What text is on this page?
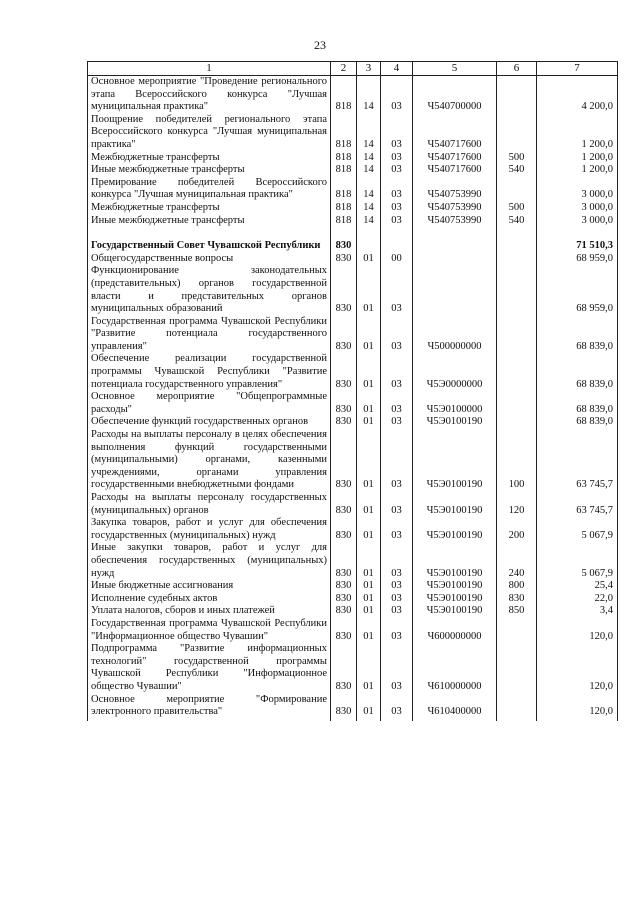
23
1	2	3	4	5	6	7
Основное мероприятие "Проведение регионального этапа Всероссийского конкурса "Лучшая муниципальная практика"	818	14	03	Ч540700000		4 200,0
Поощрение победителей регионального этапа Всероссийского конкурса "Лучшая муниципальная практика"	818	14	03	Ч540717600		1 200,0
Межбюджетные трансферты	818	14	03	Ч540717600	500	1 200,0
Иные межбюджетные трансферты	818	14	03	Ч540717600	540	1 200,0
Премирование победителей Всероссийского конкурса "Лучшая муниципальная практика"	818	14	03	Ч540753990		3 000,0
Межбюджетные трансферты	818	14	03	Ч540753990	500	3 000,0
Иные межбюджетные трансферты	818	14	03	Ч540753990	540	3 000,0

Государственный Совет Чувашской Республики	830					71 510,3
Общегосударственные вопросы	830	01	00			68 959,0
Функционирование законодательных (представительных) органов государственной власти и представительных органов муниципальных образований	830	01	03			68 959,0
Государственная программа Чувашской Республики "Развитие потенциала государственного управления"	830	01	03	Ч500000000		68 839,0
Обеспечение реализации государственной программы Чувашской Республики "Развитие потенциала государственного управления"	830	01	03	Ч5Э0000000		68 839,0
Основное мероприятие "Общепрограммные расходы"	830	01	03	Ч5Э0100000		68 839,0
Обеспечение функций государственных органов	830	01	03	Ч5Э0100190		68 839,0
Расходы на выплаты персоналу в целях обеспечения выполнения функций государственными (муниципальными) органами, казенными учреждениями, органами управления государственными внебюджетными фондами	830	01	03	Ч5Э0100190	100	63 745,7
Расходы на выплаты персоналу государственных (муниципальных) органов	830	01	03	Ч5Э0100190	120	63 745,7
Закупка товаров, работ и услуг для обеспечения государственных (муниципальных) нужд	830	01	03	Ч5Э0100190	200	5 067,9
Иные закупки товаров, работ и услуг для обеспечения государственных (муниципальных) нужд	830	01	03	Ч5Э0100190	240	5 067,9
Иные бюджетные ассигнования	830	01	03	Ч5Э0100190	800	25,4
Исполнение судебных актов	830	01	03	Ч5Э0100190	830	22,0
Уплата налогов, сборов и иных платежей	830	01	03	Ч5Э0100190	850	3,4
Государственная программа Чувашской Республики "Информационное общество Чувашии"	830	01	03	Ч600000000		120,0
Подпрограмма "Развитие информационных технологий" государственной программы Чувашской Республики "Информационное общество Чувашии"	830	01	03	Ч610000000		120,0
Основное мероприятие "Формирование электронного правительства"	830	01	03	Ч610400000		120,0
